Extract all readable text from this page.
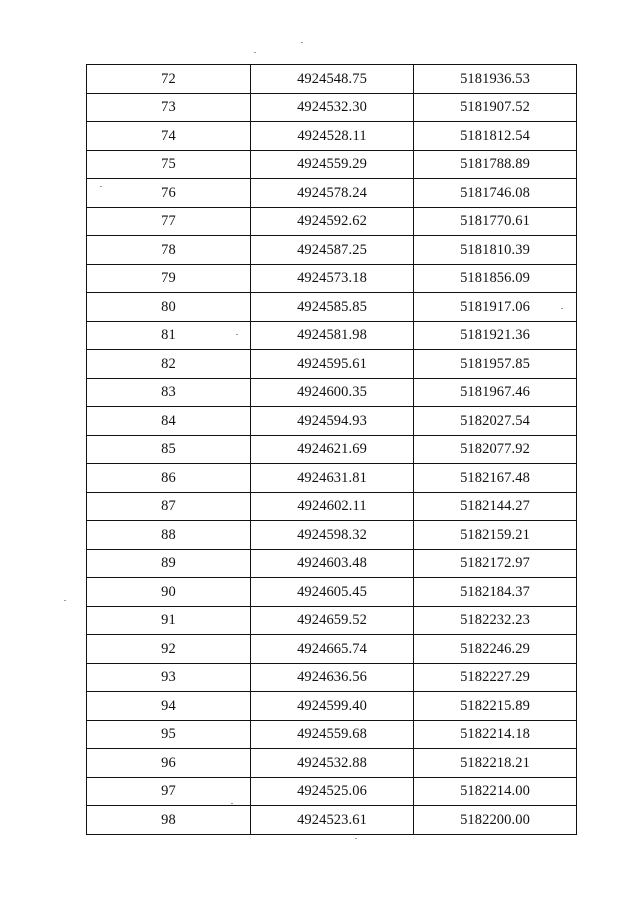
72	4924548.75	5181936.53
73	4924532.30	5181907.52
74	4924528.11	5181812.54
75	4924559.29	5181788.89
76	4924578.24	5181746.08
77	4924592.62	5181770.61
78	4924587.25	5181810.39
79	4924573.18	5181856.09
80	4924585.85	5181917.06
81	4924581.98	5181921.36
82	4924595.61	5181957.85
83	4924600.35	5181967.46
84	4924594.93	5182027.54
85	4924621.69	5182077.92
86	4924631.81	5182167.48
87	4924602.11	5182144.27
88	4924598.32	5182159.21
89	4924603.48	5182172.97
90	4924605.45	5182184.37
91	4924659.52	5182232.23
92	4924665.74	5182246.29
93	4924636.56	5182227.29
94	4924599.40	5182215.89
95	4924559.68	5182214.18
96	4924532.88	5182218.21
97	4924525.06	5182214.00
98	4924523.61	5182200.00
